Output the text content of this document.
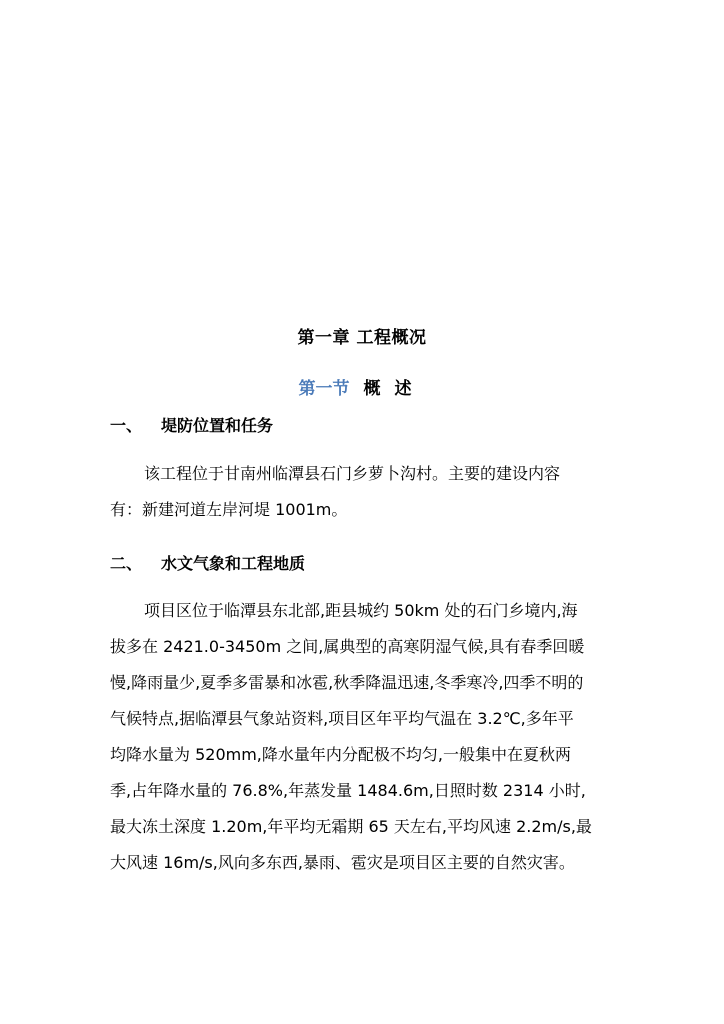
第一章 工程概况
第一节 概述
一、 堤防位置和任务
该工程位于甘南州临潭县石门乡萝卜沟村。主要的建设内容
有：新建河道左岸河堤 1001m。
二、 水文气象和工程地质
项目区位于临潭县东北部,距县城约 50km 处的石门乡境内,海
拔多在 2421.0-3450m 之间,属典型的高寒阴湿气候,具有春季回暖
慢,降雨量少,夏季多雷暴和冰雹,秋季降温迅速,冬季寒冷,四季不明的
气候特点,据临潭县气象站资料,项目区年平均气温在 3.2℃,多年平
均降水量为 520mm,降水量年内分配极不均匀,一般集中在夏秋两
季,占年降水量的 76.8%,年蒸发量 1484.6m,日照时数 2314 小时,
最大冻土深度 1.20m,年平均无霜期 65 天左右,平均风速 2.2m/s,最
大风速 16m/s,风向多东西,暴雨、雹灾是项目区主要的自然灾害。
